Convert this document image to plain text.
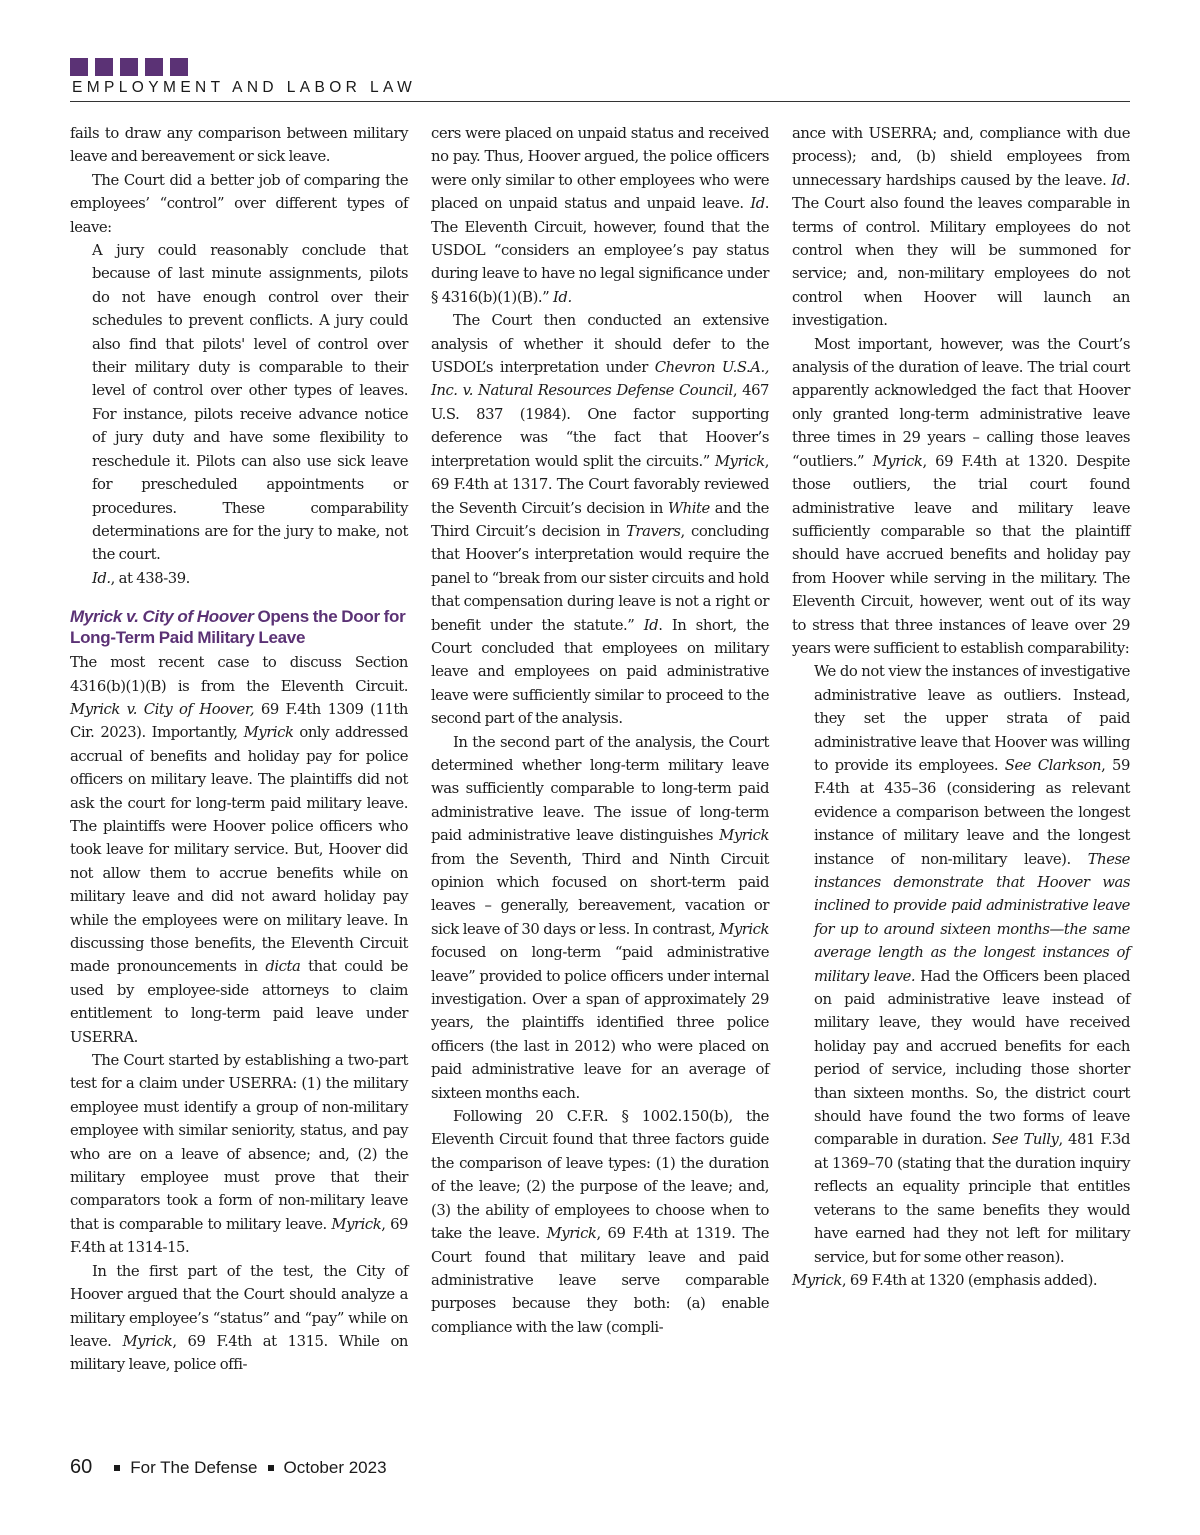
EMPLOYMENT AND LABOR LAW

fails to draw any comparison between military leave and bereavement or sick leave.

The Court did a better job of comparing the employees’ “control” over different types of leave:

A jury could reasonably conclude that because of last minute assignments, pilots do not have enough control over their schedules to prevent conflicts. A jury could also find that pilots' level of control over their military duty is comparable to their level of control over other types of leaves. For instance, pilots receive advance notice of jury duty and have some flexibility to reschedule it. Pilots can also use sick leave for prescheduled appointments or procedures. These comparability determinations are for the jury to make, not the court.

Id., at 438-39.

Myrick v. City of Hoover Opens the Door for Long-Term Paid Military Leave

The most recent case to discuss Section 4316(b)(1)(B) is from the Eleventh Circuit. Myrick v. City of Hoover, 69 F.4th 1309 (11th Cir. 2023). Importantly, Myrick only addressed accrual of benefits and holiday pay for police officers on military leave. The plaintiffs did not ask the court for long-term paid military leave. The plaintiffs were Hoover police officers who took leave for military service. But, Hoover did not allow them to accrue benefits while on military leave and did not award holiday pay while the employees were on military leave. In discussing those benefits, the Eleventh Circuit made pronouncements in dicta that could be used by employee-side attorneys to claim entitlement to long-term paid leave under USERRA.

The Court started by establishing a two-part test for a claim under USERRA: (1) the military employee must identify a group of non-military employee with similar seniority, status, and pay who are on a leave of absence; and, (2) the military employee must prove that their comparators took a form of non-military leave that is comparable to military leave. Myrick, 69 F.4th at 1314-15.

In the first part of the test, the City of Hoover argued that the Court should analyze a military employee’s “status” and “pay” while on leave. Myrick, 69 F.4th at 1315. While on military leave, police offi-

cers were placed on unpaid status and received no pay. Thus, Hoover argued, the police officers were only similar to other employees who were placed on unpaid status and unpaid leave. Id. The Eleventh Circuit, however, found that the USDOL “considers an employee’s pay status during leave to have no legal significance under § 4316(b)(1)(B).” Id.

The Court then conducted an extensive analysis of whether it should defer to the USDOL’s interpretation under Chevron U.S.A., Inc. v. Natural Resources Defense Council, 467 U.S. 837 (1984). One factor supporting deference was “the fact that Hoover’s interpretation would split the circuits.” Myrick, 69 F.4th at 1317. The Court favorably reviewed the Seventh Circuit’s decision in White and the Third Circuit’s decision in Travers, concluding that Hoover’s interpretation would require the panel to “break from our sister circuits and hold that compensation during leave is not a right or benefit under the statute.” Id. In short, the Court concluded that employees on military leave and employees on paid administrative leave were sufficiently similar to proceed to the second part of the analysis.

In the second part of the analysis, the Court determined whether long-term military leave was sufficiently comparable to long-term paid administrative leave. The issue of long-term paid administrative leave distinguishes Myrick from the Seventh, Third and Ninth Circuit opinion which focused on short-term paid leaves – generally, bereavement, vacation or sick leave of 30 days or less. In contrast, Myrick focused on long-term “paid administrative leave” provided to police officers under internal investigation. Over a span of approximately 29 years, the plaintiffs identified three police officers (the last in 2012) who were placed on paid administrative leave for an average of sixteen months each.

Following 20 C.F.R. § 1002.150(b), the Eleventh Circuit found that three factors guide the comparison of leave types: (1) the duration of the leave; (2) the purpose of the leave; and, (3) the ability of employees to choose when to take the leave. Myrick, 69 F.4th at 1319. The Court found that military leave and paid administrative leave serve comparable purposes because they both: (a) enable compliance with the law (compli-

ance with USERRA; and, compliance with due process); and, (b) shield employees from unnecessary hardships caused by the leave. Id. The Court also found the leaves comparable in terms of control. Military employees do not control when they will be summoned for service; and, non-military employees do not control when Hoover will launch an investigation.

Most important, however, was the Court’s analysis of the duration of leave. The trial court apparently acknowledged the fact that Hoover only granted long-term administrative leave three times in 29 years – calling those leaves “outliers.” Myrick, 69 F.4th at 1320. Despite those outliers, the trial court found administrative leave and military leave sufficiently comparable so that the plaintiff should have accrued benefits and holiday pay from Hoover while serving in the military. The Eleventh Circuit, however, went out of its way to stress that three instances of leave over 29 years were sufficient to establish comparability:

We do not view the instances of investigative administrative leave as outliers. Instead, they set the upper strata of paid administrative leave that Hoover was willing to provide its employees. See Clarkson, 59 F.4th at 435–36 (considering as relevant evidence a comparison between the longest instance of military leave and the longest instance of non-military leave). These instances demonstrate that Hoover was inclined to provide paid administrative leave for up to around sixteen months—the same average length as the longest instances of military leave. Had the Officers been placed on paid administrative leave instead of military leave, they would have received holiday pay and accrued benefits for each period of service, including those shorter than sixteen months. So, the district court should have found the two forms of leave comparable in duration. See Tully, 481 F.3d at 1369–70 (stating that the duration inquiry reflects an equality principle that entitles veterans to the same benefits they would have earned had they not left for military service, but for some other reason).

Myrick, 69 F.4th at 1320 (emphasis added).

60 For The Defense October 2023
